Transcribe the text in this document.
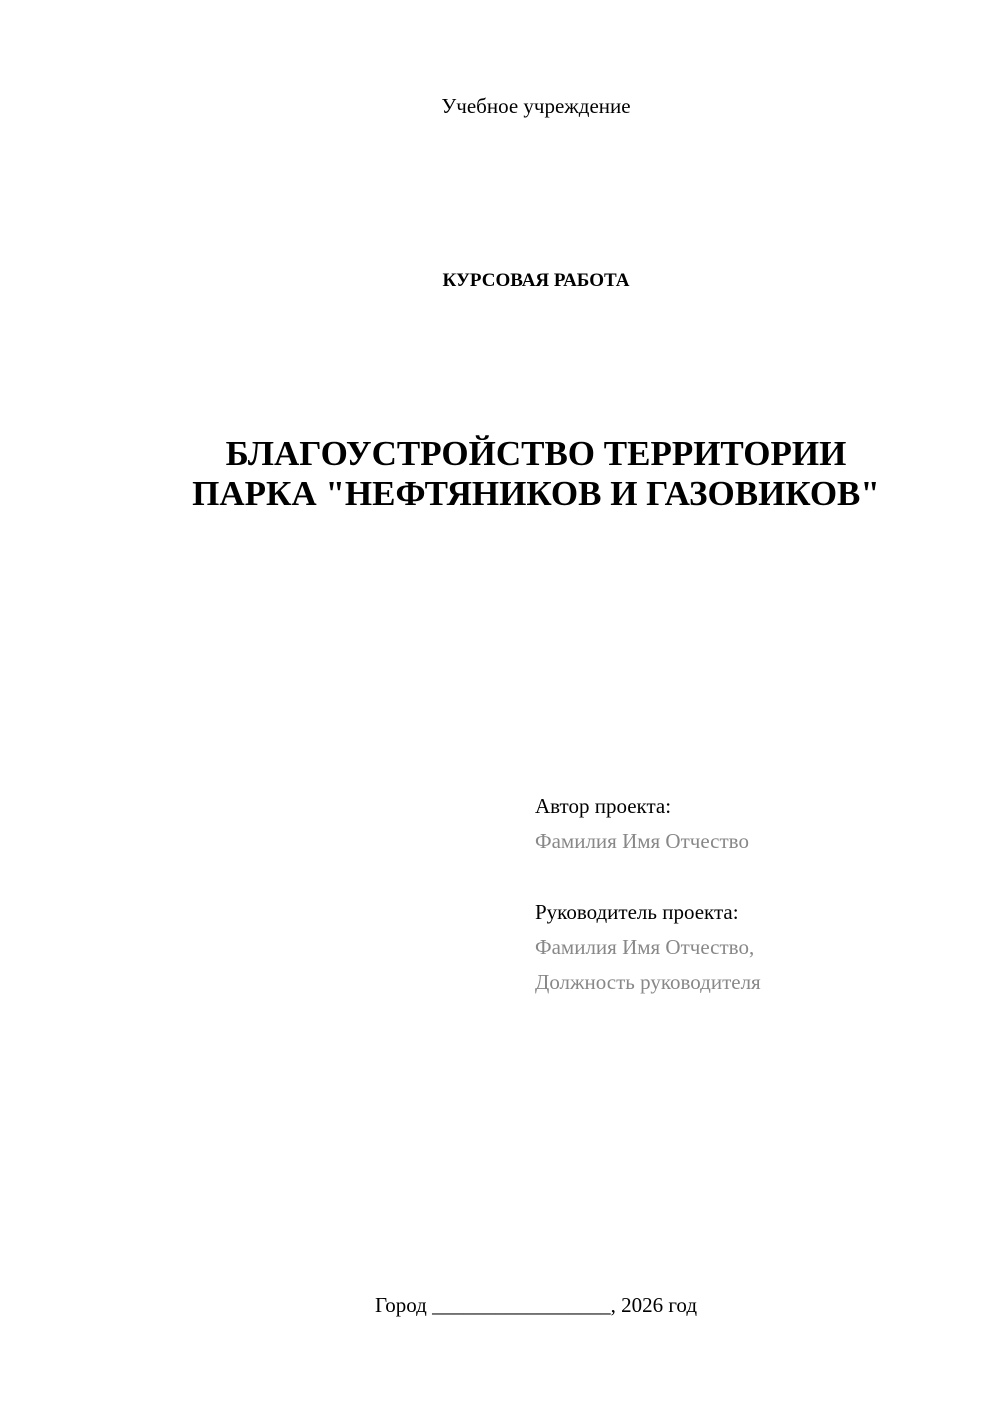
Учебное учреждение
КУРСОВАЯ РАБОТА
БЛАГОУСТРОЙСТВО ТЕРРИТОРИИ
ПАРКА "НЕФТЯНИКОВ И ГАЗОВИКОВ"
Автор проекта:
Фамилия Имя Отчество
Руководитель проекта:
Фамилия Имя Отчество,
Должность руководителя
Город _________________, 2026 год
